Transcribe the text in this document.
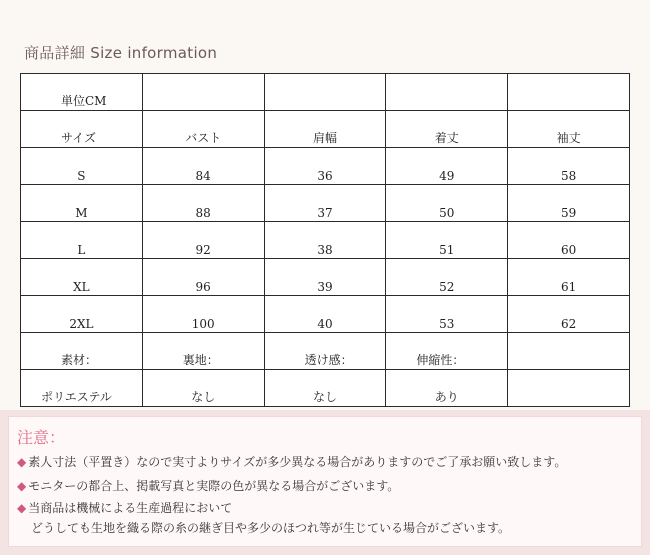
商品詳細 Size information
単位CM				
サイズ	バスト	肩幅	着丈	袖丈
S	84	36	49	58
M	88	37	50	59
L	92	38	51	60
XL	96	39	52	61
2XL	100	40	53	62
素材：	裏地：	透け感：	伸縮性：	
ポリエステル	なし	なし	あり	
注意：
◆ 素人寸法（平置き）なので実寸よりサイズが多少異なる場合がありますのでご了承お願い致します。
◆ モニターの都合上、掲載写真と実際の色が異なる場合がございます。
◆ 当商品は機械による生産過程において
どうしても生地を織る際の糸の継ぎ目や多少のほつれ等が生じている場合がございます。
